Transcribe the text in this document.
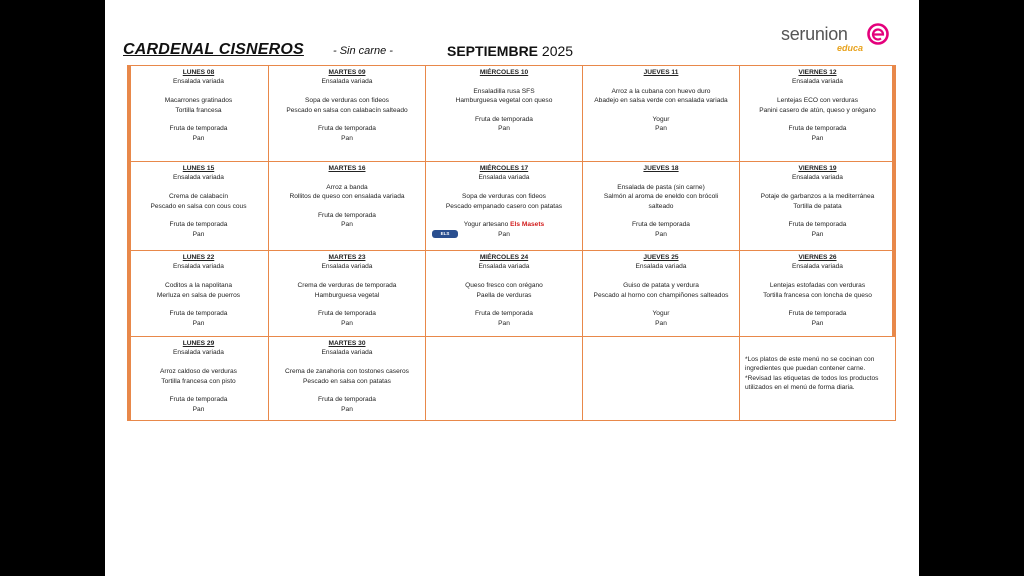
CARDENAL CISNEROS	- Sin carne -	SEPTIEMBRE 2025
serunion
educa
LUNES 08
Ensalada variada
Macarrones gratinados
Tortilla francesa
Fruta de temporada
Pan
MARTES 09
Ensalada variada
Sopa de verduras con fideos
Pescado en salsa con calabacín salteado
Fruta de temporada
Pan
MIÉRCOLES 10
Ensaladilla rusa SFS
Hamburguesa vegetal con queso
Fruta de temporada
Pan
JUEVES 11
Arroz a la cubana con huevo duro
Abadejo en salsa verde con ensalada variada
Yogur
Pan
VIERNES 12
Ensalada variada
Lentejas ECO con verduras
Panini casero de atún, queso y orégano
Fruta de temporada
Pan
LUNES 15
Ensalada variada
Crema de calabacín
Pescado en salsa con cous cous
Fruta de temporada
Pan
MARTES 16
Arroz a banda
Rollitos de queso con ensalada variada
Fruta de temporada
Pan
MIÉRCOLES 17
Ensalada variada
Sopa de verduras con fideos
Pescado empanado casero con patatas
Yogur artesano Els Masets
Pan
ELS MASETS
JUEVES 18
Ensalada de pasta (sin carne)
Salmón al aroma de eneldo con brócoli
salteado
Fruta de temporada
Pan
VIERNES 19
Ensalada variada
Potaje de garbanzos a la mediterránea
Tortilla de patata
Fruta de temporada
Pan
LUNES 22
Ensalada variada
Coditos a la napolitana
Merluza en salsa de puerros
Fruta de temporada
Pan
MARTES 23
Ensalada variada
Crema de verduras de temporada
Hamburguesa vegetal
Fruta de temporada
Pan
MIÉRCOLES 24
Ensalada variada
Queso fresco con orégano
Paella de verduras
Fruta de temporada
Pan
JUEVES 25
Ensalada variada
Guiso de patata y verdura
Pescado al horno con champiñones salteados
Yogur
Pan
VIERNES 26
Ensalada variada
Lentejas estofadas con verduras
Tortilla francesa con loncha de queso
Fruta de temporada
Pan
LUNES 29
Ensalada variada
Arroz caldoso de verduras
Tortilla francesa con pisto
Fruta de temporada
Pan
MARTES 30
Ensalada variada
Crema de zanahoria con tostones caseros
Pescado en salsa con patatas
Fruta de temporada
Pan
*Los platos de este menú no se cocinan con ingredientes que puedan contener carne.
*Revisad las etiquetas de todos los productos utilizados en el menú de forma diaria.
